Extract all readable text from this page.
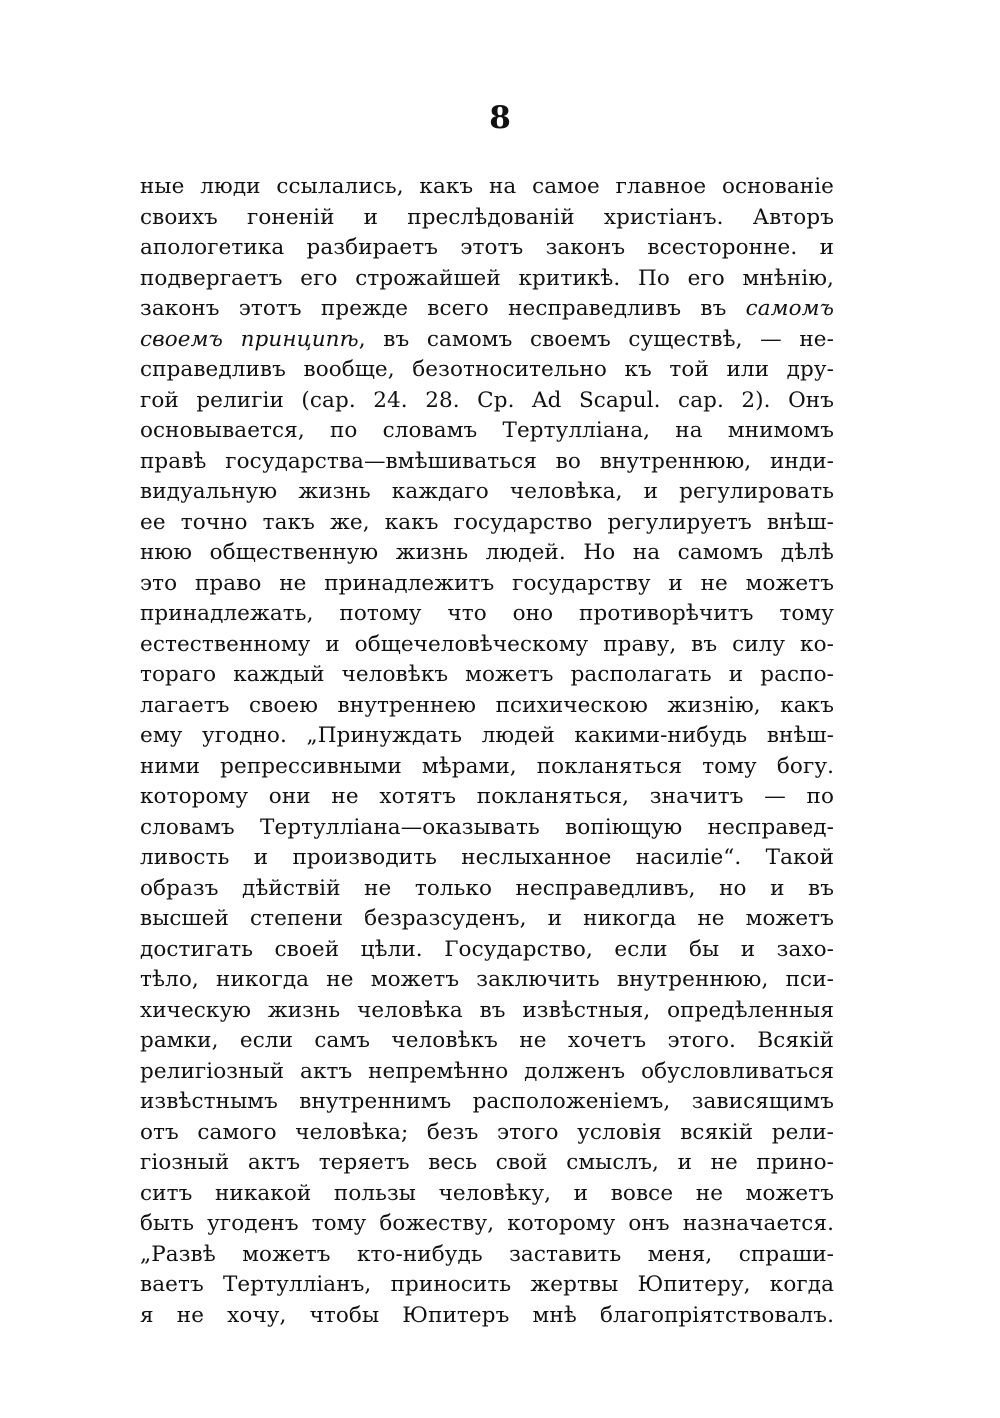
8
ные люди ссылались, какъ на самое главное основаніе
своихъ гоненій и преслѣдованій христіанъ. Авторъ
апологетика разбираетъ этотъ законъ всесторонне. и
подвергаетъ его строжайшей критикѣ. По его мнѣнію,
законъ этотъ прежде всего несправедливъ въ самомъ
своемъ принципѣ, въ самомъ своемъ существѣ, — не-
справедливъ вообще, безотносительно къ той или дру-
гой религіи (cap. 24. 28. Cp. Ad Scapul. cap. 2). Онъ
основывается, по словамъ Тертулліана, на мнимомъ
правѣ государства—вмѣшиваться во внутреннюю, инди-
видуальную жизнь каждаго человѣка, и регулировать
ее точно такъ же, какъ государство регулируетъ внѣш-
нюю общественную жизнь людей. Но на самомъ дѣлѣ
это право не принадлежитъ государству и не можетъ
принадлежать, потому что оно противорѣчитъ тому
естественному и общечеловѣческому праву, въ силу ко-
тораго каждый человѣкъ можетъ располагать и распо-
лагаетъ своею внутреннею психическою жизнію, какъ
ему угодно. „Принуждать людей какими-нибудь внѣш-
ними репрессивными мѣрами, покланяться тому богу.
которому они не хотятъ покланяться, значитъ — по
словамъ Тертулліана—оказывать вопіющую несправед-
ливость и производить неслыханное насиліе“. Такой
образъ дѣйствій не только несправедливъ, но и въ
высшей степени безразсуденъ, и никогда не можетъ
достигать своей цѣли. Государство, если бы и захо-
тѣло, никогда не можетъ заключить внутреннюю, пси-
хическую жизнь человѣка въ извѣстныя, опредѣленныя
рамки, если самъ человѣкъ не хочетъ этого. Всякій
религіозный актъ непремѣнно долженъ обусловливаться
извѣстнымъ внутреннимъ расположеніемъ, зависящимъ
отъ самого человѣка; безъ этого условія всякій рели-
гіозный актъ теряетъ весь свой смыслъ, и не прино-
ситъ никакой пользы человѣку, и вовсе не можетъ
быть угоденъ тому божеству, которому онъ назначается.
„Развѣ можетъ кто-нибудь заставить меня, спраши-
ваетъ Тертулліанъ, приносить жертвы Юпитеру, когда
я не хочу, чтобы Юпитеръ мнѣ благопріятствовалъ.
